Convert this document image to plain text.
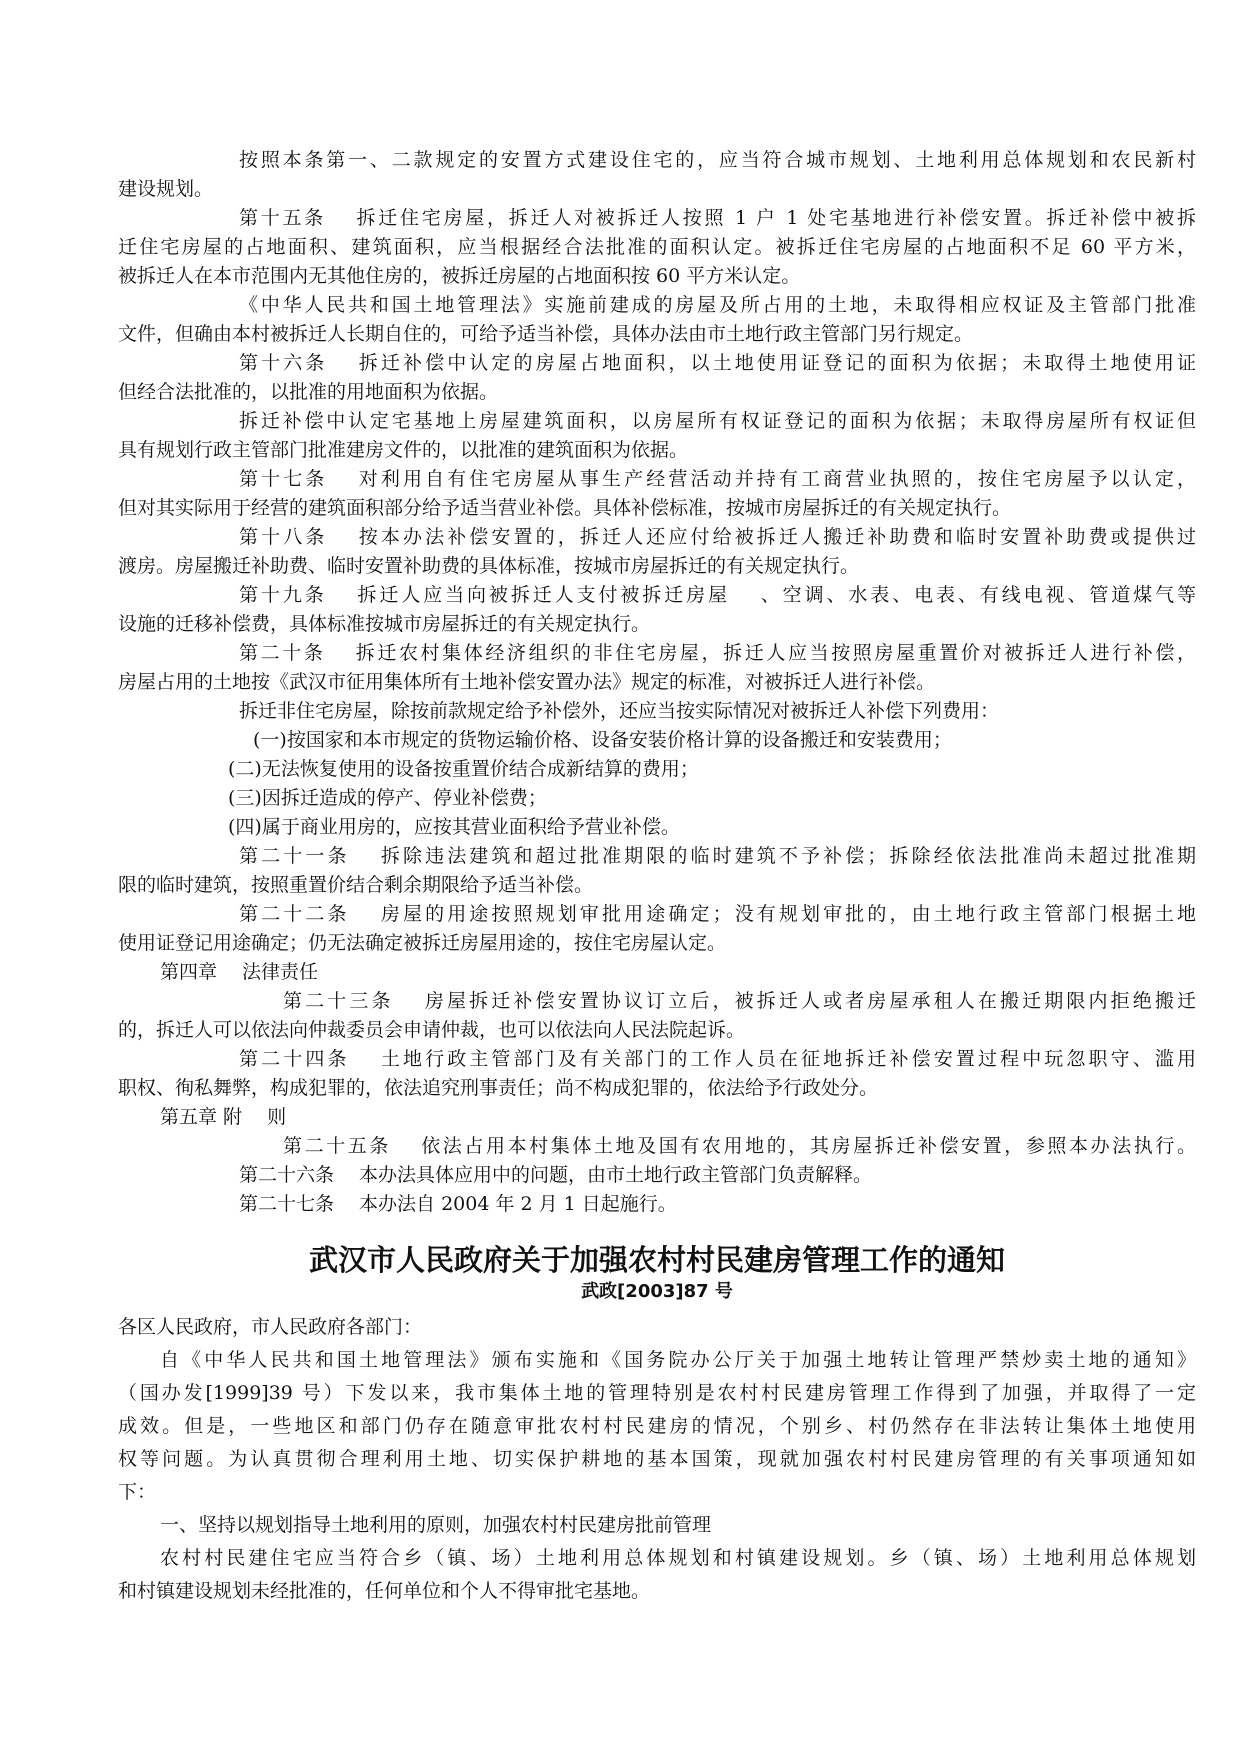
按照本条第一、二款规定的安置方式建设住宅的，应当符合城市规划、土地利用总体规划和农民新村
建设规划。
第十五条　 拆迁住宅房屋，拆迁人对被拆迁人按照 1 户 1 处宅基地进行补偿安置。拆迁补偿中被拆
迁住宅房屋的占地面积、建筑面积，应当根据经合法批准的面积认定。被拆迁住宅房屋的占地面积不足 60 平方米，
被拆迁人在本市范围内无其他住房的，被拆迁房屋的占地面积按 60 平方米认定。
《中华人民共和国土地管理法》实施前建成的房屋及所占用的土地，未取得相应权证及主管部门批准
文件，但确由本村被拆迁人长期自住的，可给予适当补偿，具体办法由市土地行政主管部门另行规定。
第十六条　 拆迁补偿中认定的房屋占地面积，以土地使用证登记的面积为依据；未取得土地使用证
但经合法批准的，以批准的用地面积为依据。
拆迁补偿中认定宅基地上房屋建筑面积，以房屋所有权证登记的面积为依据；未取得房屋所有权证但
具有规划行政主管部门批准建房文件的，以批准的建筑面积为依据。
第十七条　 对利用自有住宅房屋从事生产经营活动并持有工商营业执照的，按住宅房屋予以认定，
但对其实际用于经营的建筑面积部分给予适当营业补偿。具体补偿标准，按城市房屋拆迁的有关规定执行。
第十八条　 按本办法补偿安置的，拆迁人还应付给被拆迁人搬迁补助费和临时安置补助费或提供过
渡房。房屋搬迁补助费、临时安置补助费的具体标准，按城市房屋拆迁的有关规定执行。
第十九条　 拆迁人应当向被拆迁人支付被拆迁房屋　 、空调、水表、电表、有线电视、管道煤气等
设施的迁移补偿费，具体标准按城市房屋拆迁的有关规定执行。
第二十条　 拆迁农村集体经济组织的非住宅房屋，拆迁人应当按照房屋重置价对被拆迁人进行补偿，
房屋占用的土地按《武汉市征用集体所有土地补偿安置办法》规定的标准，对被拆迁人进行补偿。
拆迁非住宅房屋，除按前款规定给予补偿外，还应当按实际情况对被拆迁人补偿下列费用：
(一)按国家和本市规定的货物运输价格、设备安装价格计算的设备搬迁和安装费用；
(二)无法恢复使用的设备按重置价结合成新结算的费用；
(三)因拆迁造成的停产、停业补偿费；
(四)属于商业用房的，应按其营业面积给予营业补偿。
第二十一条　 拆除违法建筑和超过批准期限的临时建筑不予补偿；拆除经依法批准尚未超过批准期
限的临时建筑，按照重置价结合剩余期限给予适当补偿。
第二十二条　 房屋的用途按照规划审批用途确定；没有规划审批的，由土地行政主管部门根据土地
使用证登记用途确定；仍无法确定被拆迁房屋用途的，按住宅房屋认定。
第四章　 法律责任
第二十三条　 房屋拆迁补偿安置协议订立后，被拆迁人或者房屋承租人在搬迁期限内拒绝搬迁
的，拆迁人可以依法向仲裁委员会申请仲裁，也可以依法向人民法院起诉。
第二十四条　 土地行政主管部门及有关部门的工作人员在征地拆迁补偿安置过程中玩忽职守、滥用
职权、徇私舞弊，构成犯罪的，依法追究刑事责任；尚不构成犯罪的，依法给予行政处分。
第五章 附　 则
第二十五条　 依法占用本村集体土地及国有农用地的，其房屋拆迁补偿安置，参照本办法执行。
第二十六条　 本办法具体应用中的问题，由市土地行政主管部门负责解释。
第二十七条　 本办法自 2004 年 2 月 1 日起施行。
武汉市人民政府关于加强农村村民建房管理工作的通知
武政[2003]87 号
各区人民政府，市人民政府各部门：
自《中华人民共和国土地管理法》颁布实施和《国务院办公厅关于加强土地转让管理严禁炒卖土地的通知》
（国办发[1999]39 号）下发以来，我市集体土地的管理特别是农村村民建房管理工作得到了加强，并取得了一定
成效。但是，一些地区和部门仍存在随意审批农村村民建房的情况，个别乡、村仍然存在非法转让集体土地使用
权等问题。为认真贯彻合理利用土地、切实保护耕地的基本国策，现就加强农村村民建房管理的有关事项通知如
下：
一、坚持以规划指导土地利用的原则，加强农村村民建房批前管理
农村村民建住宅应当符合乡（镇、场）土地利用总体规划和村镇建设规划。乡（镇、场）土地利用总体规划
和村镇建设规划未经批准的，任何单位和个人不得审批宅基地。
